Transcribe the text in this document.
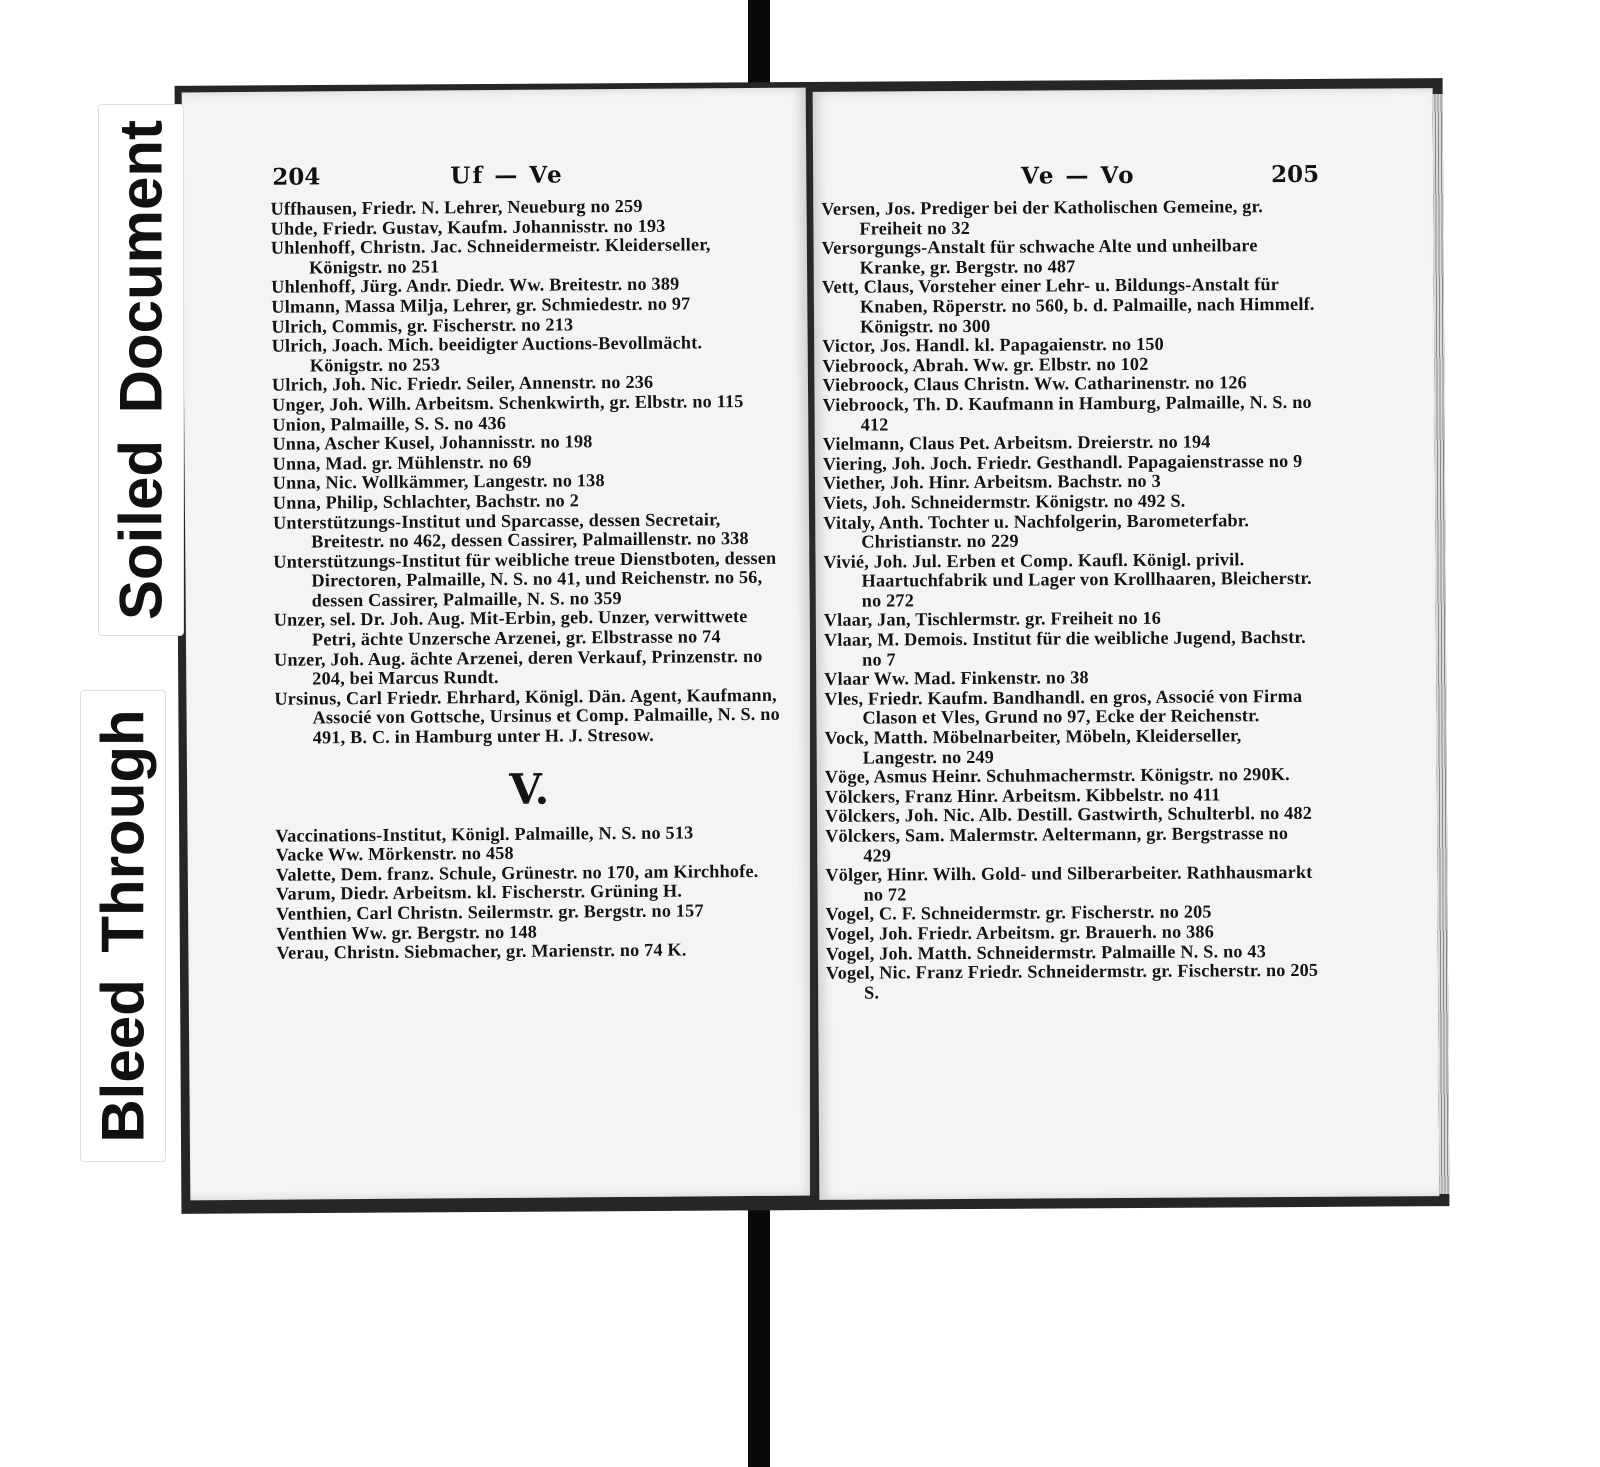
204	Uf — Ve

Uffhausen, Friedr. N. Lehrer, Neueburg no 259

Uhde, Friedr. Gustav, Kaufm. Johannisstr. no 193

Uhlenhoff, Christn. Jac. Schneidermeistr. Kleiderseller, Königstr. no 251

Uhlenhoff, Jürg. Andr. Diedr. Ww. Breitestr. no 389

Ulmann, Massa Milja, Lehrer, gr. Schmiedestr. no 97

Ulrich, Commis, gr. Fischerstr. no 213

Ulrich, Joach. Mich. beeidigter Auctions-Bevollmächt. Königstr. no 253

Ulrich, Joh. Nic. Friedr. Seiler, Annenstr. no 236

Unger, Joh. Wilh. Arbeitsm. Schenkwirth, gr. Elbstr. no 115

Union, Palmaille, S. S. no 436

Unna, Ascher Kusel, Johannisstr. no 198

Unna, Mad. gr. Mühlenstr. no 69

Unna, Nic. Wollkämmer, Langestr. no 138

Unna, Philip, Schlachter, Bachstr. no 2

Unterstützungs-Institut und Sparcasse, dessen Secretair, Breitestr. no 462, dessen Cassirer, Palmaillenstr. no 338

Unterstützungs-Institut für weibliche treue Dienstboten, dessen Directoren, Palmaille, N. S. no 41, und Reichenstr. no 56, dessen Cassirer, Palmaille, N. S. no 359

Unzer, sel. Dr. Joh. Aug. Mit-Erbin, geb. Unzer, verwittwete Petri, ächte Unzersche Arzenei, gr. Elbstrasse no 74

Unzer, Joh. Aug. ächte Arzenei, deren Verkauf, Prinzenstr. no 204, bei Marcus Rundt.

Ursinus, Carl Friedr. Ehrhard, Königl. Dän. Agent, Kaufmann, Associé von Gottsche, Ursinus et Comp. Palmaille, N. S. no 491, B. C. in Hamburg unter H. J. Stresow.

V.

Vaccinations-Institut, Königl. Palmaille, N. S. no 513

Vacke Ww. Mörkenstr. no 458

Valette, Dem. franz. Schule, Grünestr. no 170, am Kirchhofe.

Varum, Diedr. Arbeitsm. kl. Fischerstr. Grüning H.

Venthien, Carl Christn. Seilermstr. gr. Bergstr. no 157

Venthien Ww. gr. Bergstr. no 148

Verau, Christn. Siebmacher, gr. Marienstr. no 74 K.

Ve — Vo	205

Versen, Jos. Prediger bei der Katholischen Gemeine, gr. Freiheit no 32

Versorgungs-Anstalt für schwache Alte und unheilbare Kranke, gr. Bergstr. no 487

Vett, Claus, Vorsteher einer Lehr- u. Bildungs-Anstalt für Knaben, Röperstr. no 560, b. d. Palmaille, nach Himmelf. Königstr. no 300

Victor, Jos. Handl. kl. Papagaienstr. no 150

Viebroock, Abrah. Ww. gr. Elbstr. no 102

Viebroock, Claus Christn. Ww. Catharinenstr. no 126

Viebroock, Th. D. Kaufmann in Hamburg, Palmaille, N. S. no 412

Vielmann, Claus Pet. Arbeitsm. Dreierstr. no 194

Viering, Joh. Joch. Friedr. Gesthandl. Papagaienstrasse no 9

Viether, Joh. Hinr. Arbeitsm. Bachstr. no 3

Viets, Joh. Schneidermstr. Königstr. no 492 S.

Vitaly, Anth. Tochter u. Nachfolgerin, Barometerfabr. Christianstr. no 229

Vivié, Joh. Jul. Erben et Comp. Kaufl. Königl. privil. Haartuchfabrik und Lager von Krollhaaren, Bleicherstr. no 272

Vlaar, Jan, Tischlermstr. gr. Freiheit no 16

Vlaar, M. Demois. Institut für die weibliche Jugend, Bachstr. no 7

Vlaar Ww. Mad. Finkenstr. no 38

Vles, Friedr. Kaufm. Bandhandl. en gros, Associé von Firma Clason et Vles, Grund no 97, Ecke der Reichenstr.

Vock, Matth. Möbelnarbeiter, Möbeln, Kleiderseller, Langestr. no 249

Vöge, Asmus Heinr. Schuhmachermstr. Königstr. no 290K.

Völckers, Franz Hinr. Arbeitsm. Kibbelstr. no 411

Völckers, Joh. Nic. Alb. Destill. Gastwirth, Schulterbl. no 482

Völckers, Sam. Malermstr. Aeltermann, gr. Bergstrasse no 429

Völger, Hinr. Wilh. Gold- und Silberarbeiter. Rathhausmarkt no 72

Vogel, C. F. Schneidermstr. gr. Fischerstr. no 205

Vogel, Joh. Friedr. Arbeitsm. gr. Brauerh. no 386

Vogel, Joh. Matth. Schneidermstr. Palmaille N. S. no 43

Vogel, Nic. Franz Friedr. Schneidermstr. gr. Fischerstr. no 205 S.

Soiled Document
Bleed Through
